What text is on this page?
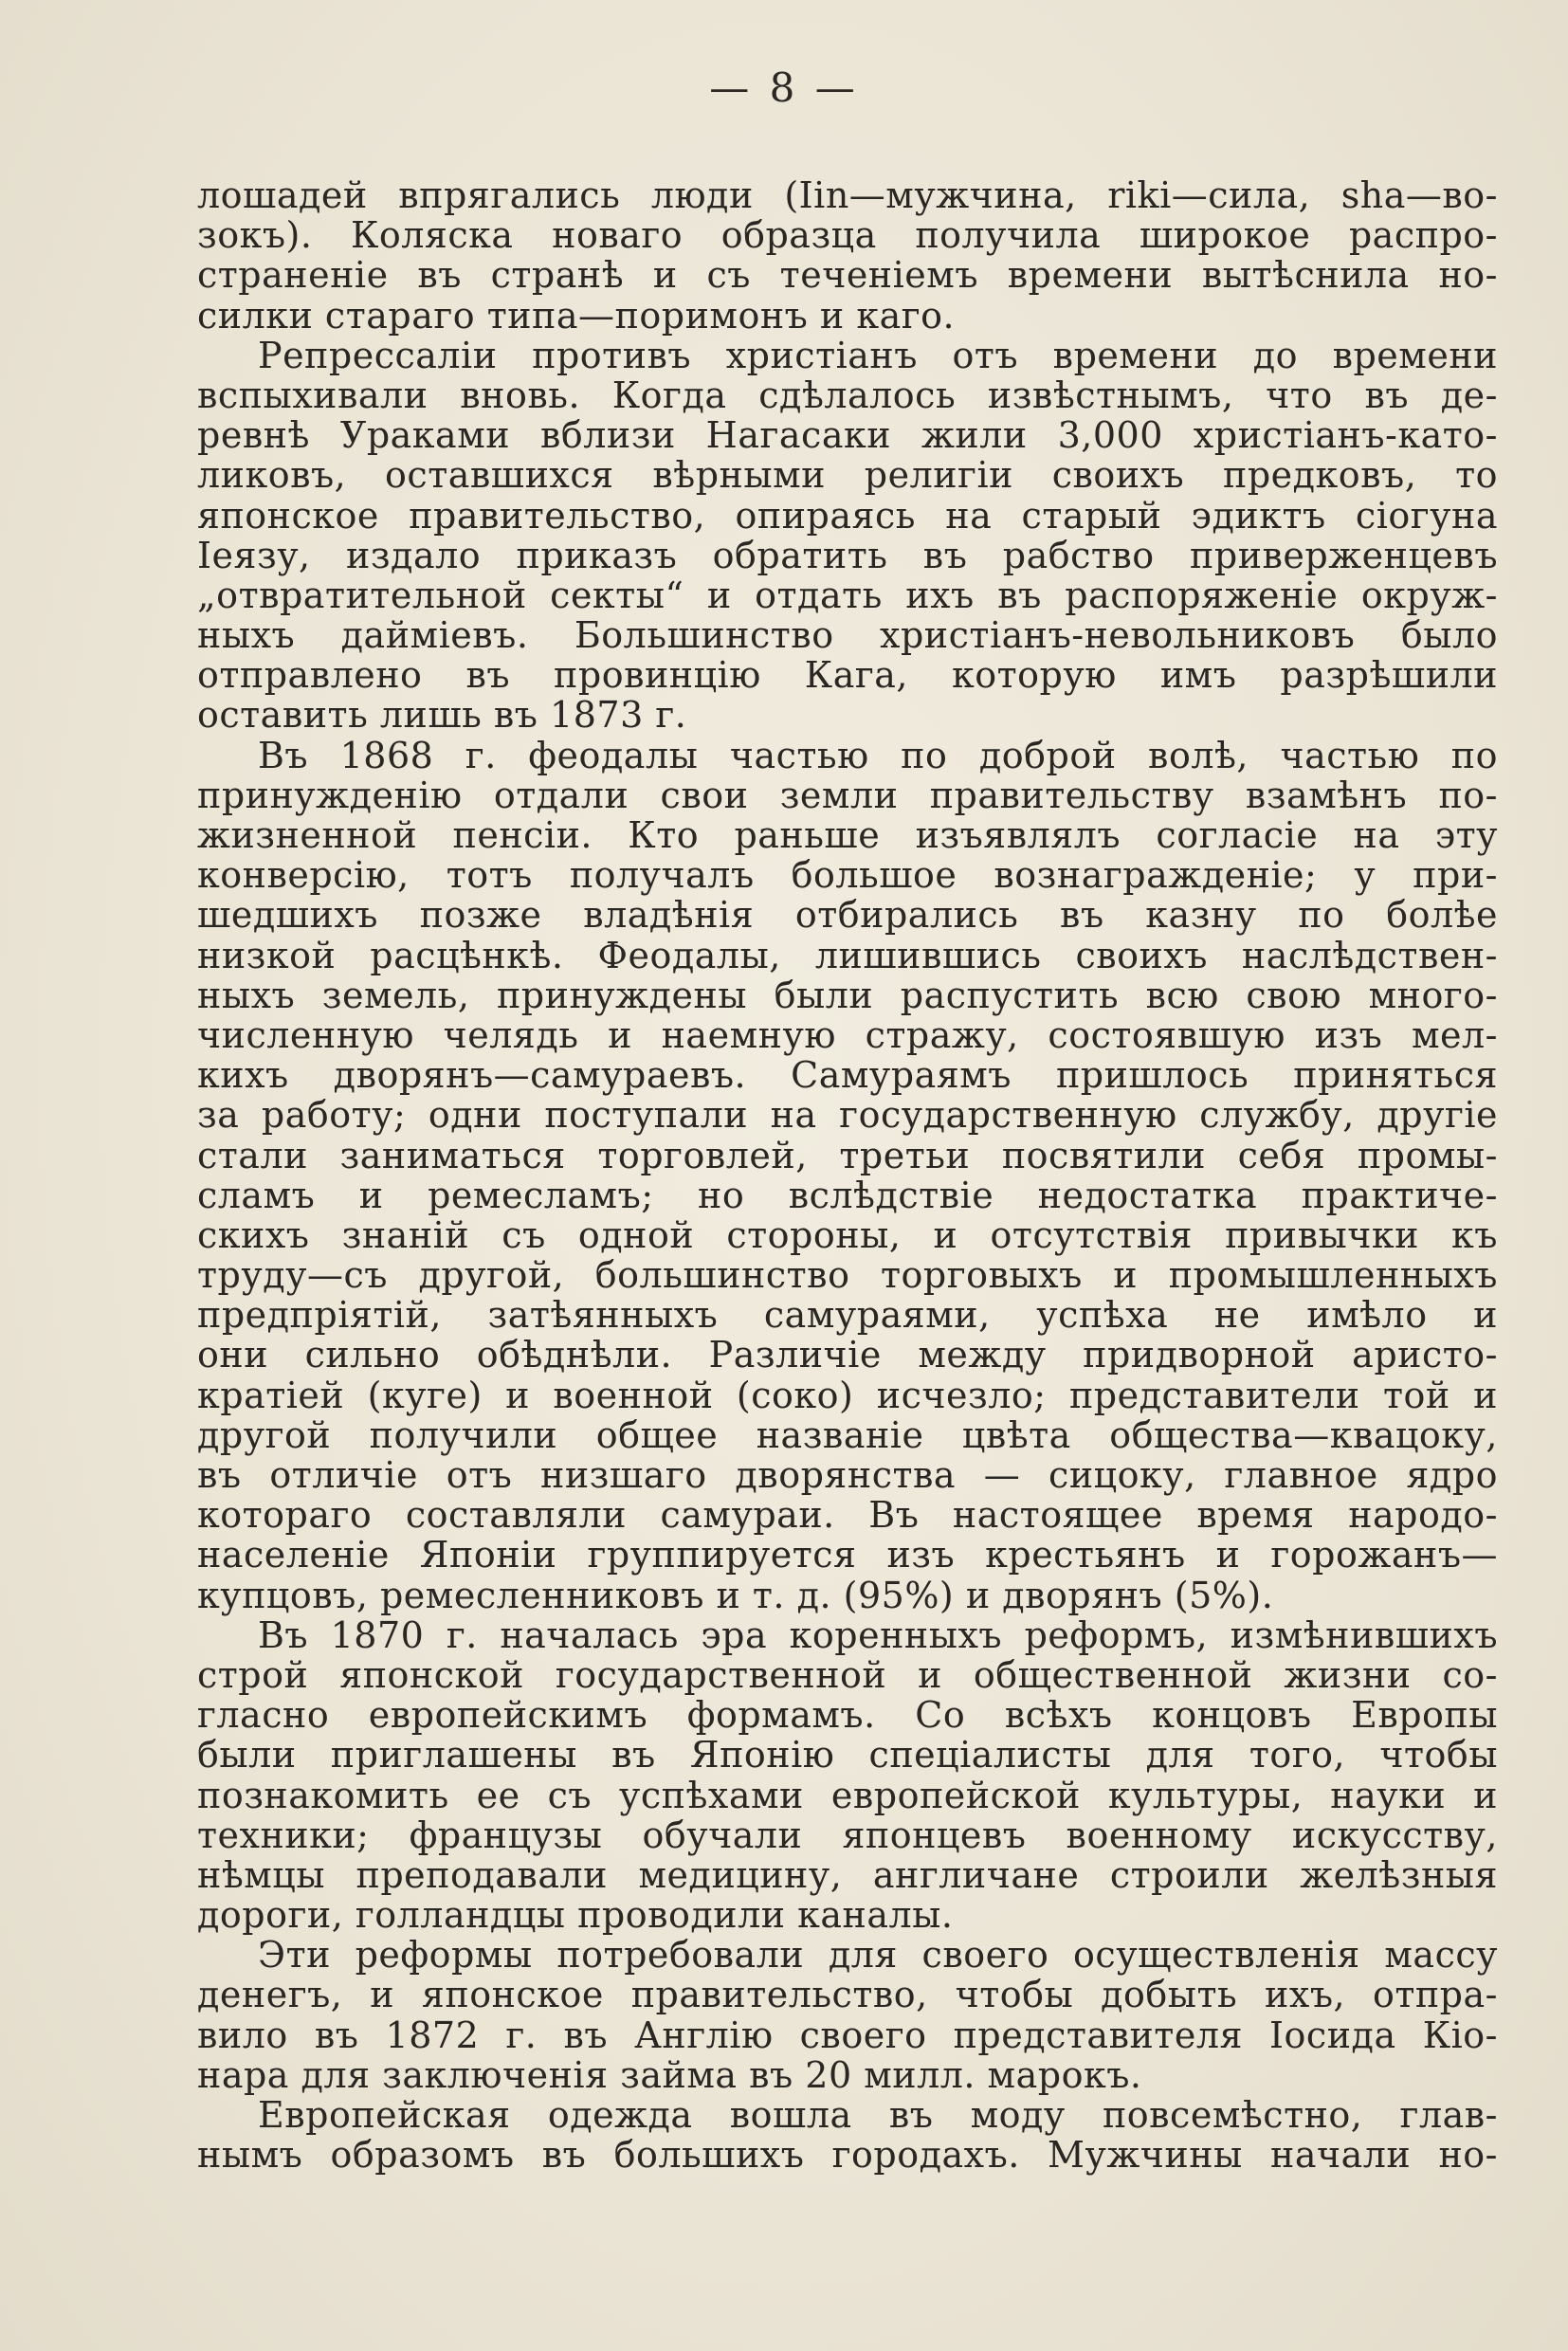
— 8 —
лошадей впрягались люди (Iin—мужчина, riki—сила, sha—во-
зокъ). Коляска новаго образца получила широкое распро-
страненіе въ странѣ и съ теченіемъ времени вытѣснила но-
силки стараго типа—поримонъ и каго.
Репрессаліи противъ христіанъ отъ времени до времени
вспыхивали вновь. Когда сдѣлалось извѣстнымъ, что въ де-
ревнѣ Ураками вблизи Нагасаки жили 3,000 христіанъ-като-
ликовъ, оставшихся вѣрными религіи своихъ предковъ, то
японское правительство, опираясь на старый эдиктъ сіогуна
Іеязу, издало приказъ обратить въ рабство приверженцевъ
„отвратительной секты“ и отдать ихъ въ распоряженіе окруж-
ныхъ дайміевъ. Большинство христіанъ-невольниковъ было
отправлено въ провинцію Кага, которую имъ разрѣшили
оставить лишь въ 1873 г.
Въ 1868 г. феодалы частью по доброй волѣ, частью по
принужденію отдали свои земли правительству взамѣнъ по-
жизненной пенсіи. Кто раньше изъявлялъ согласіе на эту
конверсію, тотъ получалъ большое вознагражденіе; у при-
шедшихъ позже владѣнія отбирались въ казну по болѣе
низкой расцѣнкѣ. Феодалы, лишившись своихъ наслѣдствен-
ныхъ земель, принуждены были распустить всю свою много-
численную челядь и наемную стражу, состоявшую изъ мел-
кихъ дворянъ—самураевъ. Самураямъ пришлось приняться
за работу; одни поступали на государственную службу, другіе
стали заниматься торговлей, третьи посвятили себя промы-
сламъ и ремесламъ; но вслѣдствіе недостатка практиче-
скихъ знаній съ одной стороны, и отсутствія привычки къ
труду—съ другой, большинство торговыхъ и промышленныхъ
предпріятій, затѣянныхъ самураями, успѣха не имѣло и
они сильно обѣднѣли. Различіе между придворной аристо-
кратіей (куге) и военной (соко) исчезло; представители той и
другой получили общее названіе цвѣта общества—квацоку,
въ отличіе отъ низшаго дворянства — сицоку, главное ядро
котораго составляли самураи. Въ настоящее время народо-
населеніе Японіи группируется изъ крестьянъ и горожанъ—
купцовъ, ремесленниковъ и т. д. (95%) и дворянъ (5%).
Въ 1870 г. началась эра коренныхъ реформъ, измѣнившихъ
строй японской государственной и общественной жизни со-
гласно европейскимъ формамъ. Со всѣхъ концовъ Европы
были приглашены въ Японію спеціалисты для того, чтобы
познакомить ее съ успѣхами европейской культуры, науки и
техники; французы обучали японцевъ военному искусству,
нѣмцы преподавали медицину, англичане строили желѣзныя
дороги, голландцы проводили каналы.
Эти реформы потребовали для своего осуществленія массу
денегъ, и японское правительство, чтобы добыть ихъ, отпра-
вило въ 1872 г. въ Англію своего представителя Іосида Кіо-
нара для заключенія займа въ 20 милл. марокъ.
Европейская одежда вошла въ моду повсемѣстно, глав-
нымъ образомъ въ большихъ городахъ. Мужчины начали но-
